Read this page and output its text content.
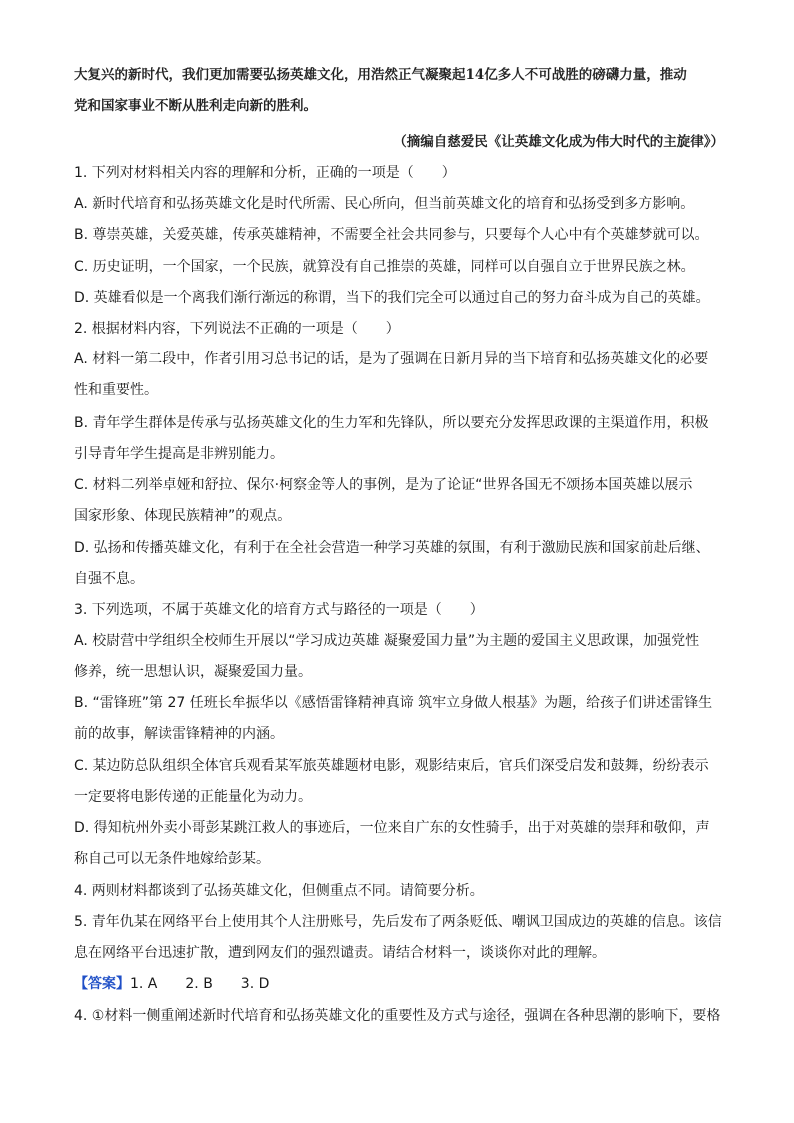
大复兴的新时代，我们更加需要弘扬英雄文化，用浩然正气凝聚起14亿多人不可战胜的磅礴力量，推动
党和国家事业不断从胜利走向新的胜利。
（摘编自慈爱民《让英雄文化成为伟大时代的主旋律》）
1. 下列对材料相关内容的理解和分析，正确的一项是（　　）
A. 新时代培育和弘扬英雄文化是时代所需、民心所向，但当前英雄文化的培育和弘扬受到多方影响。
B. 尊崇英雄，关爱英雄，传承英雄精神，不需要全社会共同参与，只要每个人心中有个英雄梦就可以。
C. 历史证明，一个国家，一个民族，就算没有自己推崇的英雄，同样可以自强自立于世界民族之林。
D. 英雄看似是一个离我们渐行渐远的称谓，当下的我们完全可以通过自己的努力奋斗成为自己的英雄。
2. 根据材料内容，下列说法不正确的一项是（　　）
A. 材料一第二段中，作者引用习总书记的话，是为了强调在日新月异的当下培育和弘扬英雄文化的必要
性和重要性。
B. 青年学生群体是传承与弘扬英雄文化的生力军和先锋队，所以要充分发挥思政课的主渠道作用，积极
引导青年学生提高是非辨别能力。
C. 材料二列举卓娅和舒拉、保尔·柯察金等人的事例，是为了论证“世界各国无不颂扬本国英雄以展示
国家形象、体现民族精神”的观点。
D. 弘扬和传播英雄文化，有利于在全社会营造一种学习英雄的氛围，有利于激励民族和国家前赴后继、
自强不息。
3. 下列选项，不属于英雄文化的培育方式与路径的一项是（　　）
A. 校尉营中学组织全校师生开展以“学习成边英雄 凝聚爱国力量”为主题的爱国主义思政课，加强党性
修养，统一思想认识，凝聚爱国力量。
B. “雷锋班”第 27 任班长牟振华以《感悟雷锋精神真谛 筑牢立身做人根基》为题，给孩子们讲述雷锋生
前的故事，解读雷锋精神的内涵。
C. 某边防总队组织全体官兵观看某军旅英雄题材电影，观影结束后，官兵们深受启发和鼓舞，纷纷表示
一定要将电影传递的正能量化为动力。
D. 得知杭州外卖小哥彭某跳江救人的事迹后，一位来自广东的女性骑手，出于对英雄的崇拜和敬仰，声
称自己可以无条件地嫁给彭某。
4. 两则材料都谈到了弘扬英雄文化，但侧重点不同。请简要分析。
5. 青年仇某在网络平台上使用其个人注册账号，先后发布了两条贬低、嘲讽卫国成边的英雄的信息。该信
息在网络平台迅速扩散，遭到网友们的强烈谴责。请结合材料一，谈谈你对此的理解。
【答案】1. A　　2. B　　3. D
4. ①材料一侧重阐述新时代培育和弘扬英雄文化的重要性及方式与途径，强调在各种思潮的影响下，要格
